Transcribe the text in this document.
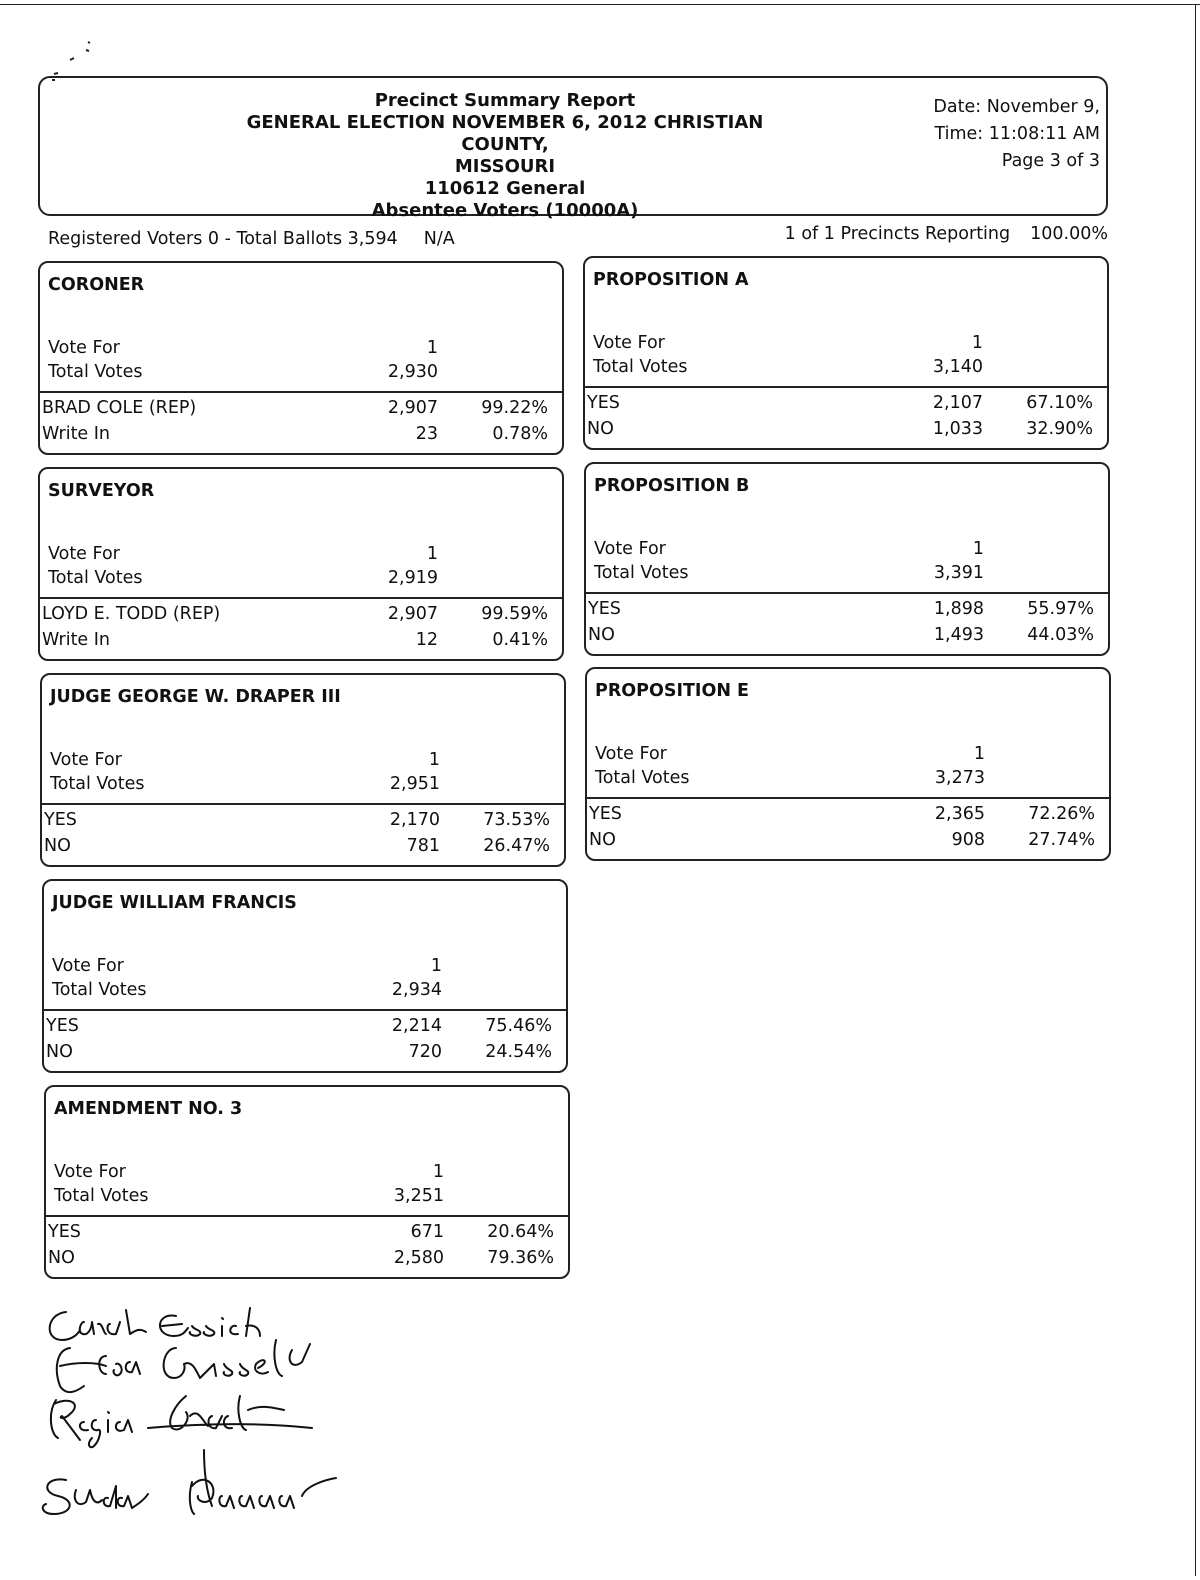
Precinct Summary Report
GENERAL ELECTION NOVEMBER 6, 2012 CHRISTIAN COUNTY,
MISSOURI
110612 General
Absentee Voters (10000A)
Date: November 9,
Time: 11:08:11 AM
Page 3 of 3
Registered Voters 0 - Total Ballots 3,594 N/A	1 of 1 Precincts Reporting 100.00%
CORONER
Vote For	1
Total Votes	2,930
BRAD COLE (REP)	2,907 99.22%
Write In	23	0.78%
SURVEYOR
Vote For	1
Total Votes	2,919
LOYD E. TODD (REP)	2,907 99.59%
Write In	12	0.41%
JUDGE GEORGE W. DRAPER III
Vote For	1
Total Votes	2,951
YES	2,170 73.53%
NO	781 26.47%
JUDGE WILLIAM FRANCIS
Vote For	1
Total Votes	2,934
YES	2,214 75.46%
NO	720 24.54%
AMENDMENT NO. 3
Vote For	1
Total Votes	3,251
YES	671 20.64%
NO	2,580 79.36%
PROPOSITION A
Vote For	1
Total Votes	3,140
YES	2,107 67.10%
NO	1,033 32.90%
PROPOSITION B
Vote For	1
Total Votes	3,391
YES	1,898 55.97%
NO	1,493 44.03%
PROPOSITION E
Vote For	1
Total Votes	3,273
YES	2,365 72.26%
NO	908 27.74%
